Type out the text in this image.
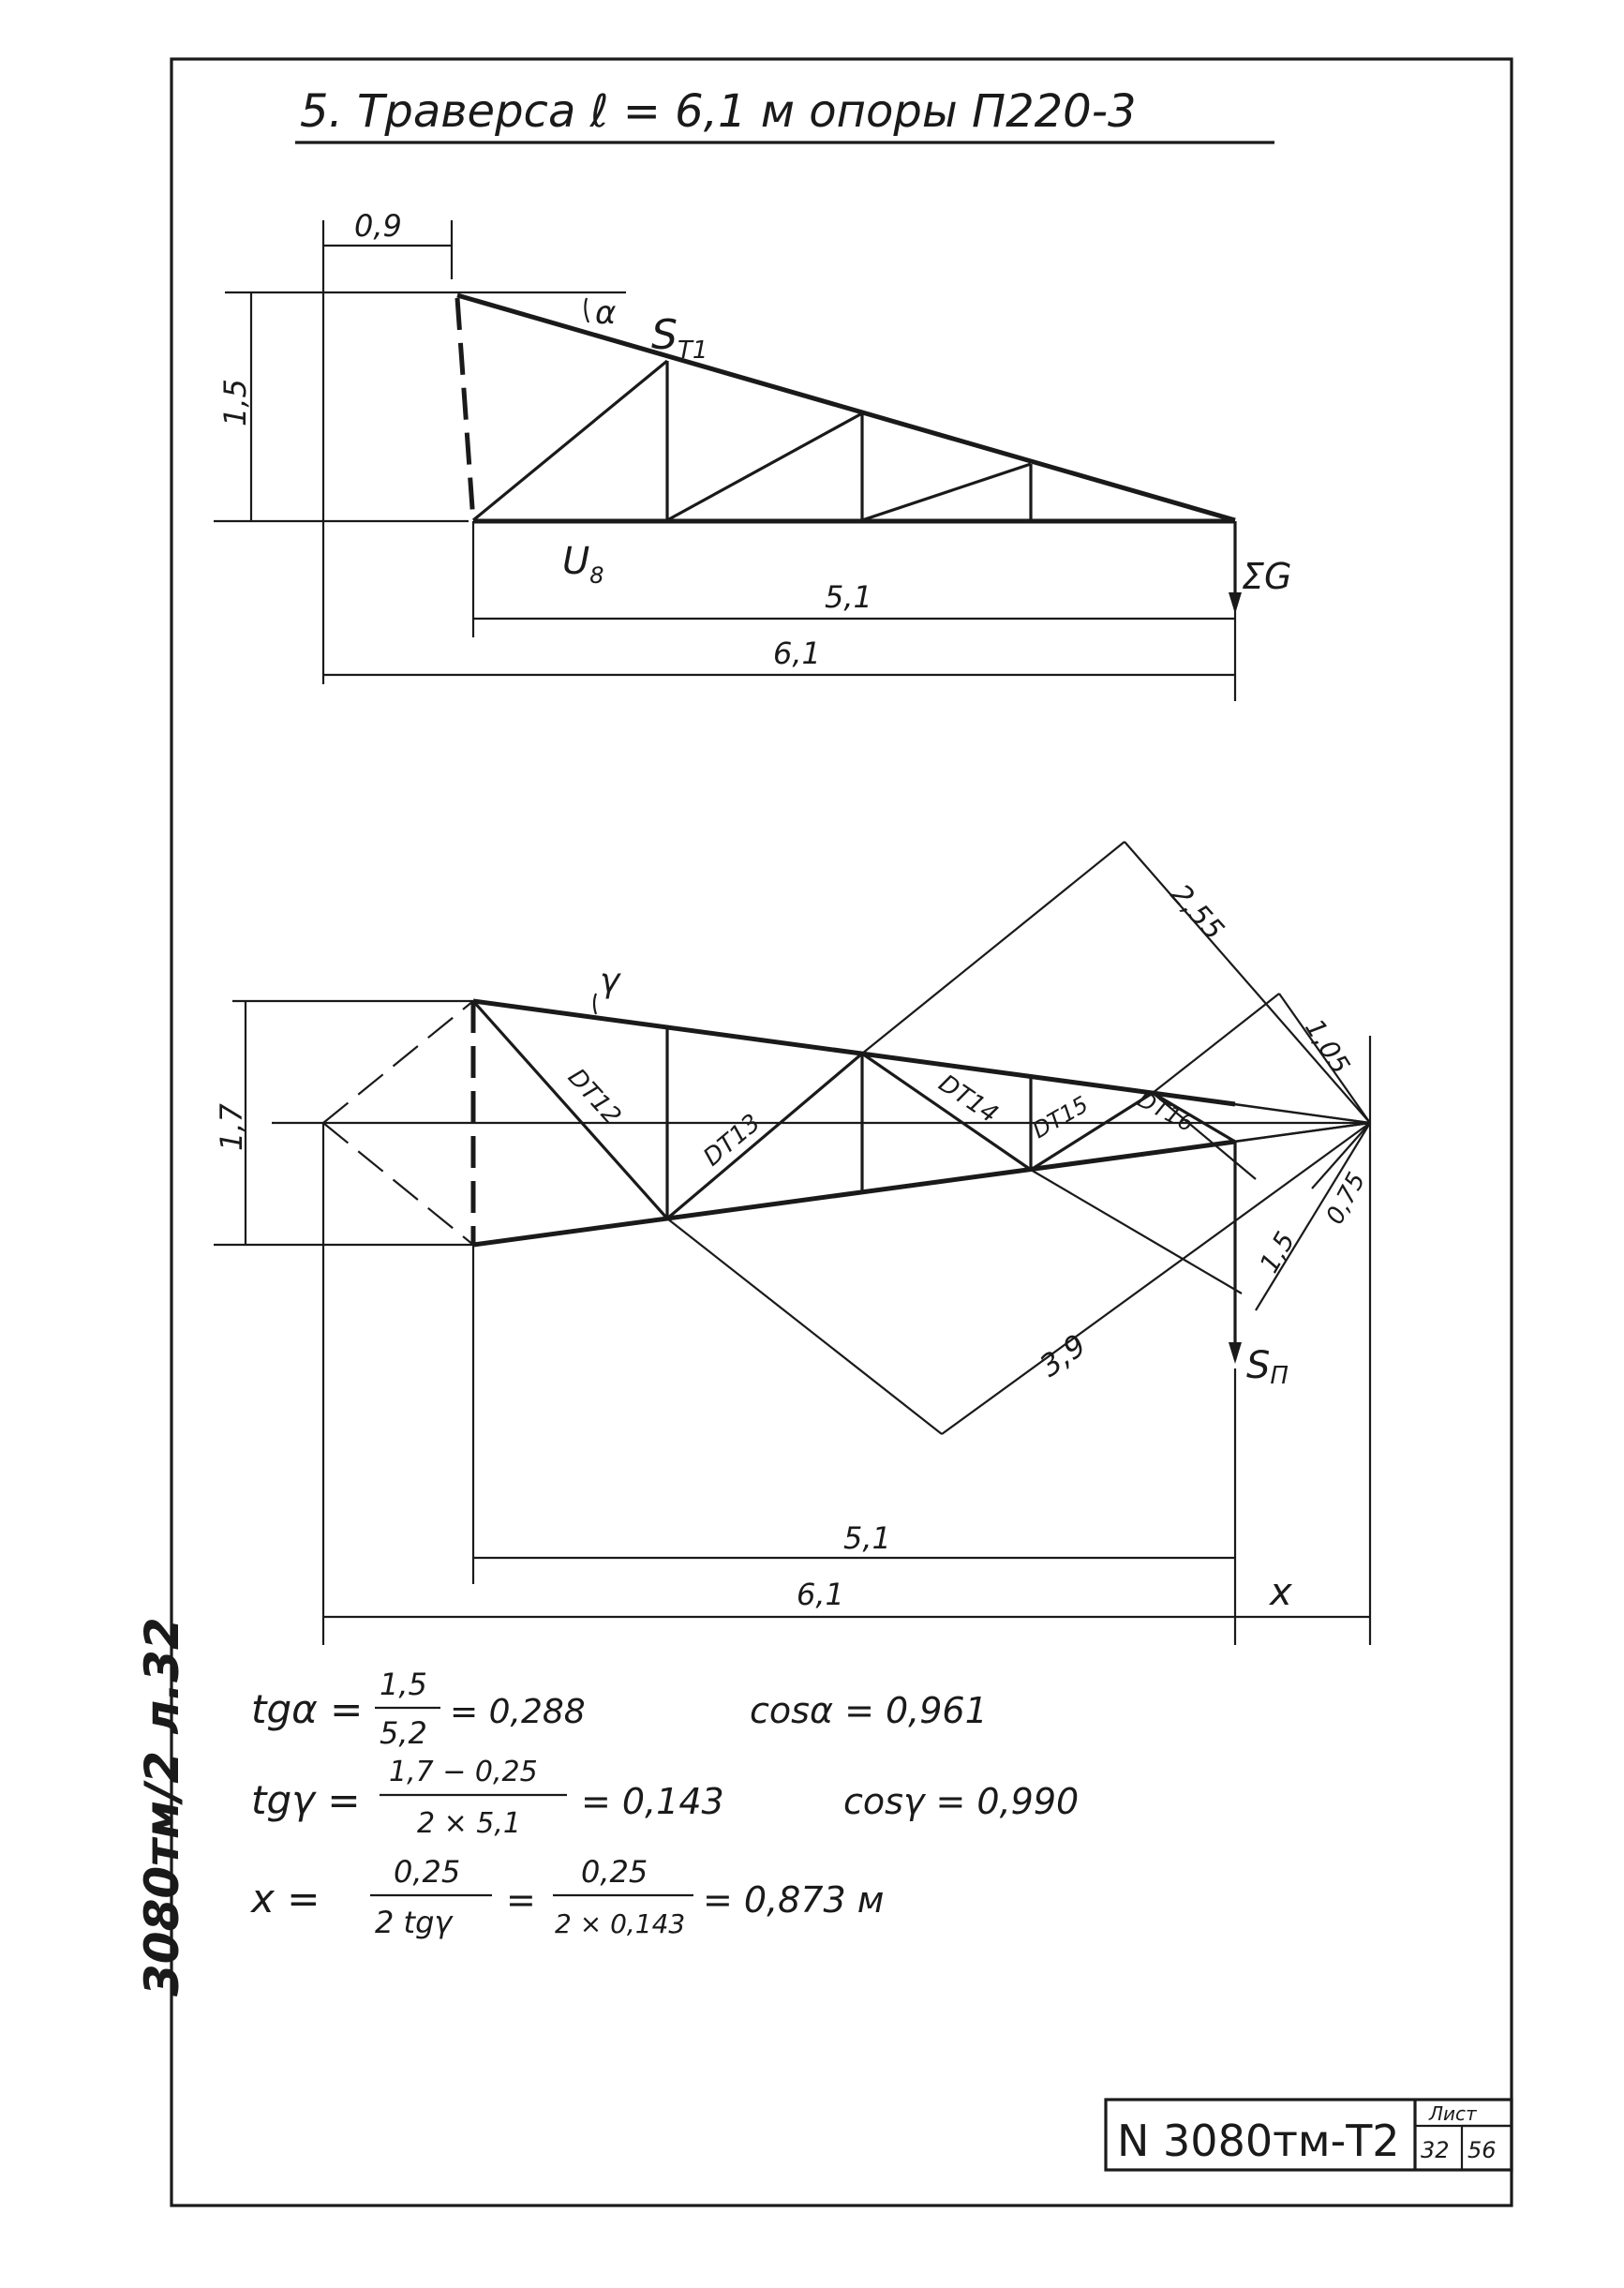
5. Траверса ℓ = 6,1 м опоры П220-3
3080тм/2 л.32
0,9
1,5
α $S_{T1}$
$U_8$	ΣG
5,1
6,1
1,7
2,55
1,05
0,75
1,5
3,9
γ
DT12
DT13
DT14 DT15 DT16
SП
5,1
6,1	x
tgα =
1,5
5,2
= 0,288	cosα = 0,961
tgγ =
1,7 − 0,25
2 × 5,1
= 0,143	cosγ = 0,990
x =
0,25
2 tgγ
=
0,25
2 × 0,143
= 0,873 м
N 3080тм-Т2
Лист
32 56
